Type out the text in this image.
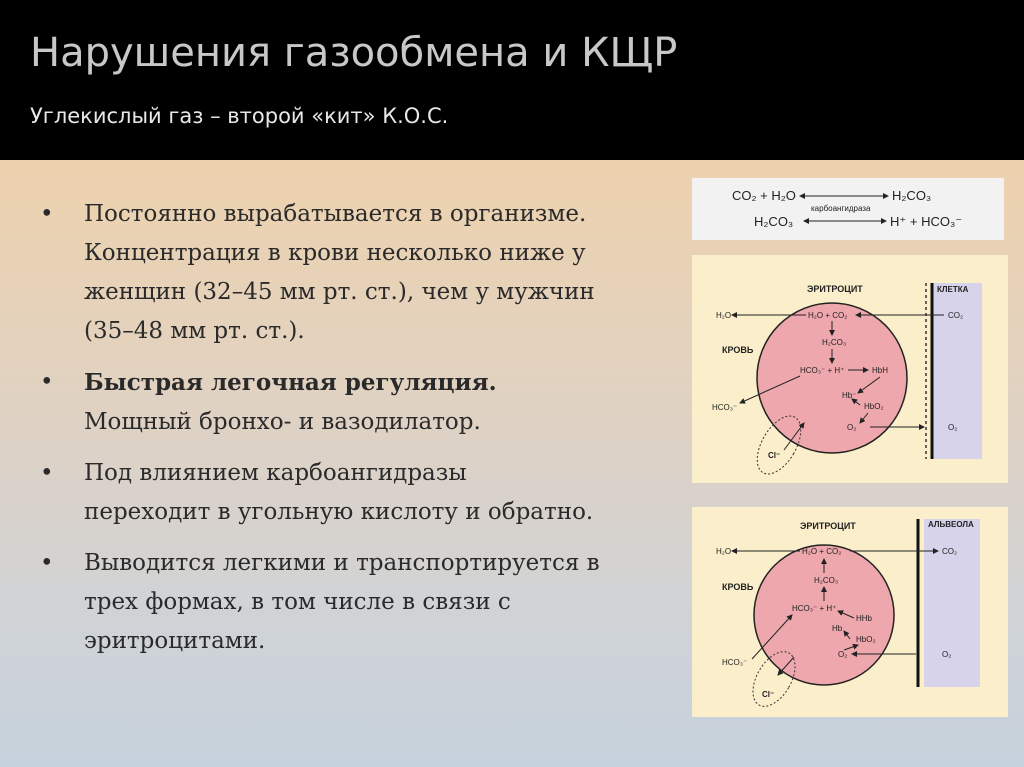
Нарушения газообмена и КЩР
Углекислый газ – второй «кит» К.О.С.
• Постоянно вырабатывается в организме. Концентрация в крови несколько ниже у женщин (32–45 мм рт. ст.), чем у мужчин (35–48 мм рт. ст.).
• Быстрая легочная регуляция. Мощный бронхо- и вазодилатор.
• Под влиянием карбоангидразы переходит в угольную кислоту и обратно.
• Выводится легкими и транспортируется в трех формах, в том числе в связи с эритроцитами.
CO₂ + H₂O	H₂CO₃
карбоангидраза
H₂CO₃	H⁺ + HCO₃⁻
ЭРИТРОЦИТ	КЛЕТКА
КРОВЬ
H₂O	H₂O + CO₂
H₂CO₃
HCO₃⁻ + H⁺	HbH
Hb⁻
HbO₂
O₂
HCO₃⁻
Cl⁻
CO₂
O₂
ЭРИТРОЦИТ	АЛЬВЕОЛА
КРОВЬ
H₂O	H₂O + CO₂
H₂CO₃
HCO₃⁻ + H⁺
HHb
Hb
HbO₂
O₂
HCO₃⁻
Cl⁻
CO₂
O₂
